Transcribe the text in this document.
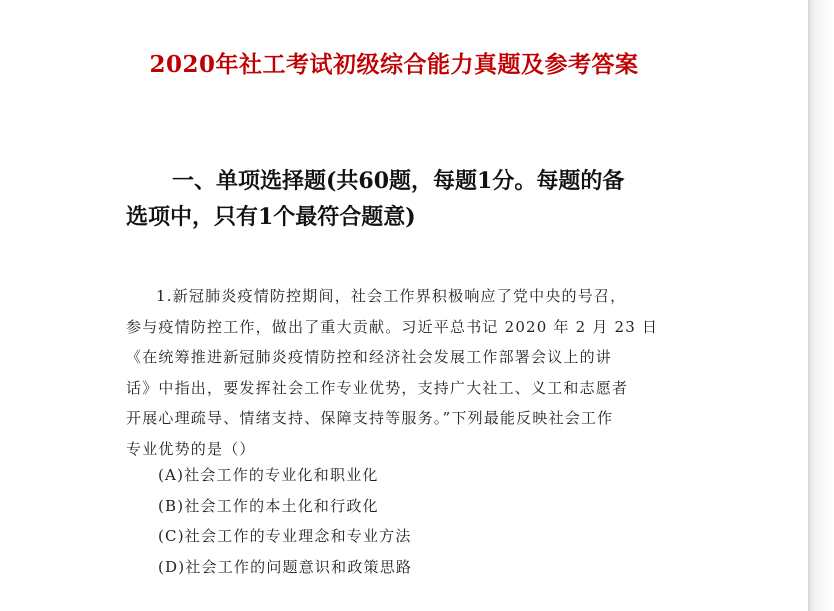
2020年社工考试初级综合能力真题及参考答案
一、单项选择题(共60题，每题1分。每题的备
选项中，只有1个最符合题意)
1.新冠肺炎疫情防控期间，社会工作界积极响应了党中央的号召，
参与疫情防控工作，做出了重大贡献。习近平总书记 2020 年 2 月 23 日
《在统筹推进新冠肺炎疫情防控和经济社会发展工作部署会议上的讲
话》中指出，要发挥社会工作专业优势，支持广大社工、义工和志愿者
开展心理疏导、情绪支持、保障支持等服务。”下列最能反映社会工作
专业优势的是（）
(A)社会工作的专业化和职业化
(B)社会工作的本土化和行政化
(C)社会工作的专业理念和专业方法
(D)社会工作的问题意识和政策思路
